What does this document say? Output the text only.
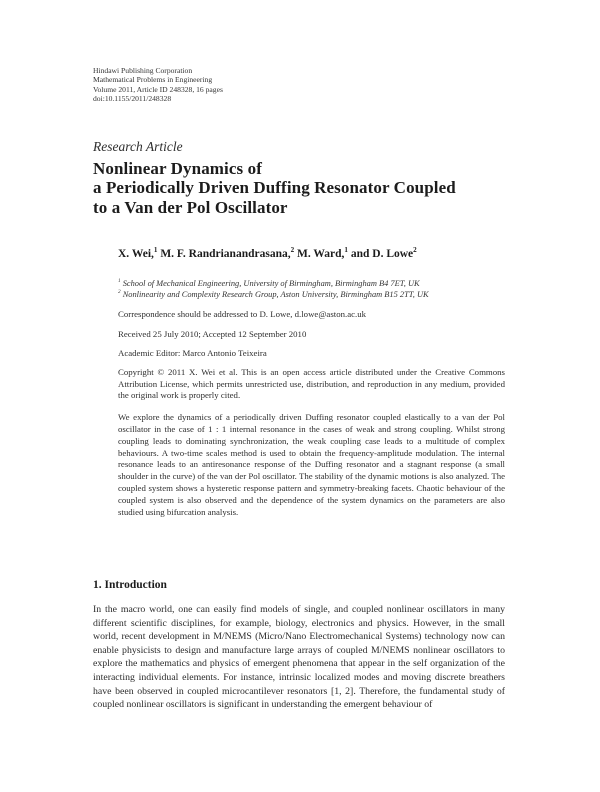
Hindawi Publishing Corporation
Mathematical Problems in Engineering
Volume 2011, Article ID 248328, 16 pages
doi:10.1155/2011/248328
Research Article
Nonlinear Dynamics of
a Periodically Driven Duffing Resonator Coupled
to a Van der Pol Oscillator
X. Wei,$^1$ M. F. Randrianandrasana,$^2$ M. Ward,$^1$ and D. Lowe$^2$
$^1$ School of Mechanical Engineering, University of Birmingham, Birmingham B4 7ET, UK
$^2$ Nonlinearity and Complexity Research Group, Aston University, Birmingham B15 2TT, UK
Correspondence should be addressed to D. Lowe, d.lowe@aston.ac.uk
Received 25 July 2010; Accepted 12 September 2010
Academic Editor: Marco Antonio Teixeira

Copyright © 2011 X. Wei et al. This is an open access article distributed under the Creative Commons Attribution License, which permits unrestricted use, distribution, and reproduction in any medium, provided the original work is properly cited.

We explore the dynamics of a periodically driven Duffing resonator coupled elastically to a van der Pol oscillator in the case of 1 : 1 internal resonance in the cases of weak and strong coupling. Whilst strong coupling leads to dominating synchronization, the weak coupling case leads to a multitude of complex behaviours. A two-time scales method is used to obtain the frequency-amplitude modulation. The internal resonance leads to an antiresonance response of the Duffing resonator and a stagnant response (a small shoulder in the curve) of the van der Pol oscillator. The stability of the dynamic motions is also analyzed. The coupled system shows a hysteretic response pattern and symmetry-breaking facets. Chaotic behaviour of the coupled system is also observed and the dependence of the system dynamics on the parameters are also studied using bifurcation analysis.

1. Introduction

In the macro world, one can easily find models of single, and coupled nonlinear oscillators in many different scientific disciplines, for example, biology, electronics and physics. However, in the small world, recent development in M/NEMS (Micro/Nano Electromechanical Systems) technology now can enable physicists to design and manufacture large arrays of coupled M/NEMS nonlinear oscillators to explore the mathematics and physics of emergent phenomena that appear in the self organization of the interacting individual elements. For instance, intrinsic localized modes and moving discrete breathers have been observed in coupled microcantilever resonators [1, 2]. Therefore, the fundamental study of coupled nonlinear oscillators is significant in understanding the emergent behaviour of
